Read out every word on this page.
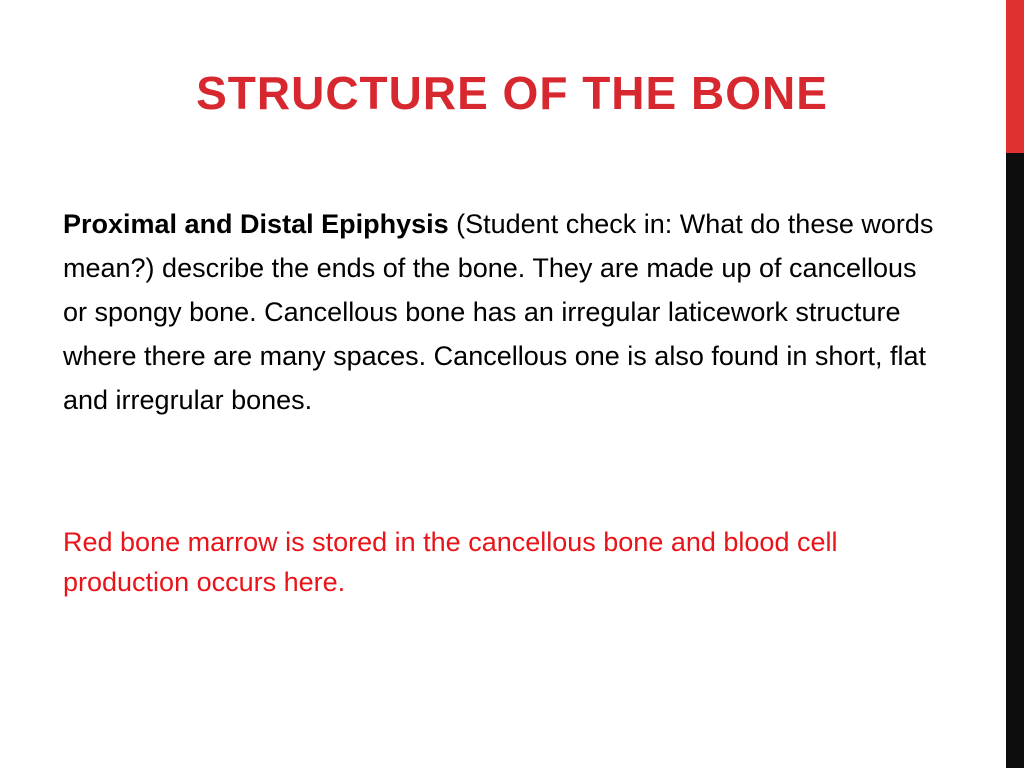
STRUCTURE OF THE BONE

Proximal and Distal Epiphysis (Student check in: What do these words mean?) describe the ends of the bone. They are made up of cancellous or spongy bone. Cancellous bone has an irregular laticework structure where there are many spaces. Cancellous one is also found in short, flat and irregrular bones.

Red bone marrow is stored in the cancellous bone and blood cell production occurs here.
